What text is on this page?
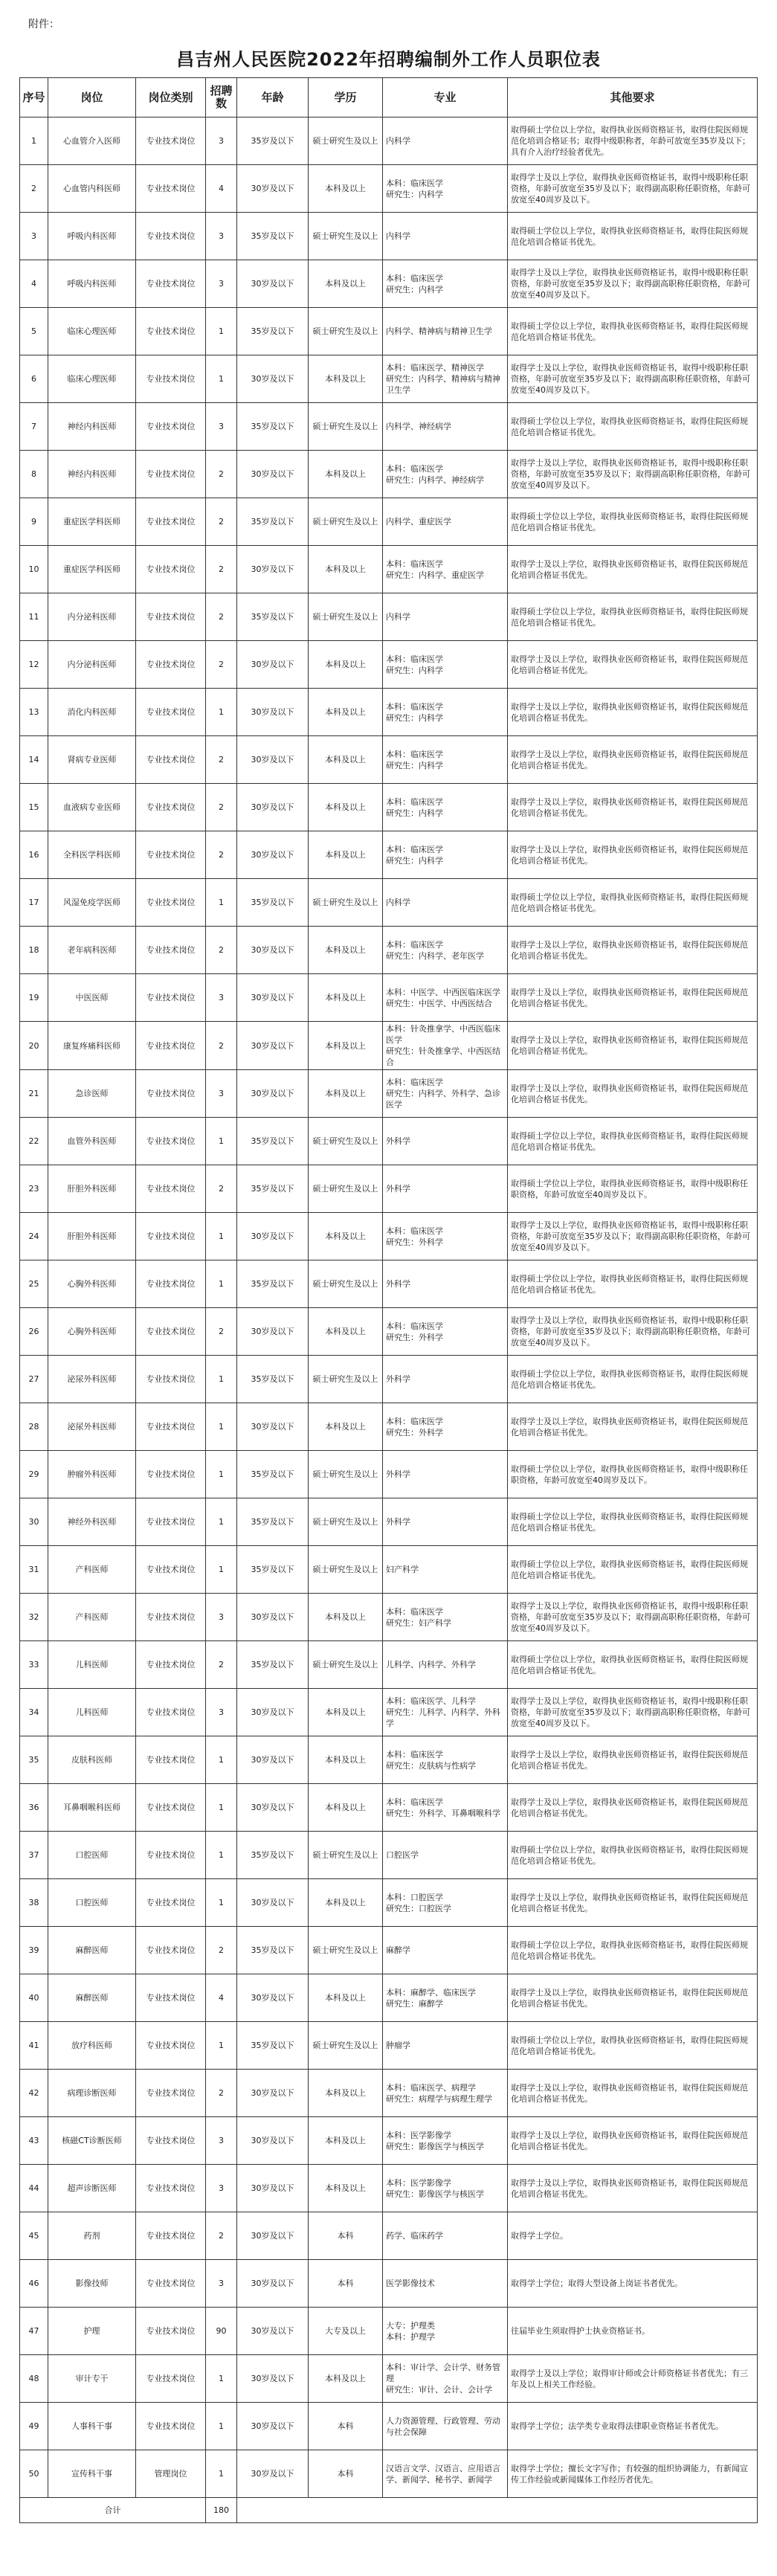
附件：
昌吉州人民医院2022年招聘编制外工作人员职位表
序号	岗位	岗位类别	招聘数	年龄	学历	专业	其他要求
1	心血管介入医师	专业技术岗位	3	35岁及以下	硕士研究生及以上	内科学	取得硕士学位以上学位，取得执业医师资格证书，取得住院医师规范化培训合格证书；取得中级职称者，年龄可放宽至35岁及以下；具有介入治疗经验者优先。
2	心血管内科医师	专业技术岗位	4	30岁及以下	本科及以上	本科：临床医学
研究生：内科学	取得学士及以上学位，取得执业医师资格证书，取得中级职称任职资格，年龄可放宽至35岁及以下；取得副高职称任职资格，年龄可放宽至40周岁及以下。
3	呼吸内科医师	专业技术岗位	3	35岁及以下	硕士研究生及以上	内科学	取得硕士学位以上学位，取得执业医师资格证书，取得住院医师规范化培训合格证书优先。
4	呼吸内科医师	专业技术岗位	3	30岁及以下	本科及以上	本科：临床医学
研究生：内科学	取得学士及以上学位，取得执业医师资格证书，取得中级职称任职资格，年龄可放宽至35岁及以下；取得副高职称任职资格，年龄可放宽至40周岁及以下。
5	临床心理医师	专业技术岗位	1	35岁及以下	硕士研究生及以上	内科学、精神病与精神卫生学	取得硕士学位以上学位，取得执业医师资格证书，取得住院医师规范化培训合格证书优先。
6	临床心理医师	专业技术岗位	1	30岁及以下	本科及以上	本科：临床医学、精神医学
研究生：内科学、精神病与精神卫生学	取得学士及以上学位，取得执业医师资格证书，取得中级职称任职资格，年龄可放宽至35岁及以下；取得副高职称任职资格，年龄可放宽至40周岁及以下。
7	神经内科医师	专业技术岗位	3	35岁及以下	硕士研究生及以上	内科学、神经病学	取得硕士学位以上学位，取得执业医师资格证书，取得住院医师规范化培训合格证书优先。
8	神经内科医师	专业技术岗位	2	30岁及以下	本科及以上	本科：临床医学
研究生：内科学、神经病学	取得学士及以上学位，取得执业医师资格证书，取得中级职称任职资格，年龄可放宽至35岁及以下；取得副高职称任职资格，年龄可放宽至40周岁及以下。
9	重症医学科医师	专业技术岗位	2	35岁及以下	硕士研究生及以上	内科学、重症医学	取得硕士学位以上学位，取得执业医师资格证书，取得住院医师规范化培训合格证书优先。
10	重症医学科医师	专业技术岗位	2	30岁及以下	本科及以上	本科：临床医学
研究生：内科学、重症医学	取得学士及以上学位，取得执业医师资格证书，取得住院医师规范化培训合格证书优先。
11	内分泌科医师	专业技术岗位	2	35岁及以下	硕士研究生及以上	内科学	取得硕士学位以上学位，取得执业医师资格证书，取得住院医师规范化培训合格证书优先。
12	内分泌科医师	专业技术岗位	2	30岁及以下	本科及以上	本科：临床医学
研究生：内科学	取得学士及以上学位，取得执业医师资格证书，取得住院医师规范化培训合格证书优先。
13	消化内科医师	专业技术岗位	1	30岁及以下	本科及以上	本科：临床医学
研究生：内科学	取得学士及以上学位，取得执业医师资格证书，取得住院医师规范化培训合格证书优先。
14	肾病专业医师	专业技术岗位	2	30岁及以下	本科及以上	本科：临床医学
研究生：内科学	取得学士及以上学位，取得执业医师资格证书，取得住院医师规范化培训合格证书优先。
15	血液病专业医师	专业技术岗位	2	30岁及以下	本科及以上	本科：临床医学
研究生：内科学	取得学士及以上学位，取得执业医师资格证书，取得住院医师规范化培训合格证书优先。
16	全科医学科医师	专业技术岗位	2	30岁及以下	本科及以上	本科：临床医学
研究生：内科学	取得学士及以上学位，取得执业医师资格证书，取得住院医师规范化培训合格证书优先。
17	风湿免疫学医师	专业技术岗位	1	35岁及以下	硕士研究生及以上	内科学	取得硕士学位以上学位，取得执业医师资格证书，取得住院医师规范化培训合格证书优先。
18	老年病科医师	专业技术岗位	2	30岁及以下	本科及以上	本科：临床医学
研究生：内科学、老年医学	取得学士及以上学位，取得执业医师资格证书，取得住院医师规范化培训合格证书优先。
19	中医医师	专业技术岗位	3	30岁及以下	本科及以上	本科：中医学、中西医临床医学
研究生：中医学、中西医结合	取得学士及以上学位，取得执业医师资格证书，取得住院医师规范化培训合格证书优先。
20	康复疼痛科医师	专业技术岗位	2	30岁及以下	本科及以上	本科：针灸推拿学、中西医临床医学
研究生：针灸推拿学、中西医结合	取得学士及以上学位，取得执业医师资格证书，取得住院医师规范化培训合格证书优先。
21	急诊医师	专业技术岗位	3	30岁及以下	本科及以上	本科：临床医学
研究生：内科学、外科学、急诊医学	取得学士及以上学位，取得执业医师资格证书，取得住院医师规范化培训合格证书优先。
22	血管外科医师	专业技术岗位	1	35岁及以下	硕士研究生及以上	外科学	取得硕士学位以上学位，取得执业医师资格证书，取得住院医师规范化培训合格证书优先。
23	肝胆外科医师	专业技术岗位	2	35岁及以下	硕士研究生及以上	外科学	取得硕士学位以上学位，取得执业医师资格证书，取得中级职称任职资格，年龄可放宽至40周岁及以下。
24	肝胆外科医师	专业技术岗位	1	30岁及以下	本科及以上	本科：临床医学
研究生：外科学	取得学士及以上学位，取得执业医师资格证书，取得中级职称任职资格，年龄可放宽至35岁及以下；取得副高职称任职资格，年龄可放宽至40周岁及以下。
25	心胸外科医师	专业技术岗位	1	35岁及以下	硕士研究生及以上	外科学	取得硕士学位以上学位，取得执业医师资格证书，取得住院医师规范化培训合格证书优先。
26	心胸外科医师	专业技术岗位	2	30岁及以下	本科及以上	本科：临床医学
研究生：外科学	取得学士及以上学位，取得执业医师资格证书，取得中级职称任职资格，年龄可放宽至35岁及以下；取得副高职称任职资格，年龄可放宽至40周岁及以下。
27	泌尿外科医师	专业技术岗位	1	35岁及以下	硕士研究生及以上	外科学	取得硕士学位以上学位，取得执业医师资格证书，取得住院医师规范化培训合格证书优先。
28	泌尿外科医师	专业技术岗位	1	30岁及以下	本科及以上	本科：临床医学
研究生：外科学	取得学士及以上学位，取得执业医师资格证书，取得住院医师规范化培训合格证书优先。
29	肿瘤外科医师	专业技术岗位	1	35岁及以下	硕士研究生及以上	外科学	取得硕士学位以上学位，取得执业医师资格证书，取得中级职称任职资格，年龄可放宽至40周岁及以下。
30	神经外科医师	专业技术岗位	1	35岁及以下	硕士研究生及以上	外科学	取得硕士学位以上学位，取得执业医师资格证书，取得住院医师规范化培训合格证书优先。
31	产科医师	专业技术岗位	1	35岁及以下	硕士研究生及以上	妇产科学	取得硕士学位以上学位，取得执业医师资格证书，取得住院医师规范化培训合格证书优先。
32	产科医师	专业技术岗位	3	30岁及以下	本科及以上	本科：临床医学
研究生：妇产科学	取得学士及以上学位，取得执业医师资格证书，取得中级职称任职资格，年龄可放宽至35岁及以下；取得副高职称任职资格，年龄可放宽至40周岁及以下。
33	儿科医师	专业技术岗位	2	35岁及以下	硕士研究生及以上	儿科学、内科学、外科学	取得硕士学位以上学位，取得执业医师资格证书，取得住院医师规范化培训合格证书优先。
34	儿科医师	专业技术岗位	3	30岁及以下	本科及以上	本科：临床医学、儿科学
研究生：儿科学、内科学、外科学	取得学士及以上学位，取得执业医师资格证书，取得中级职称任职资格，年龄可放宽至35岁及以下；取得副高职称任职资格，年龄可放宽至40周岁及以下。
35	皮肤科医师	专业技术岗位	1	30岁及以下	本科及以上	本科：临床医学
研究生：皮肤病与性病学	取得学士及以上学位，取得执业医师资格证书，取得住院医师规范化培训合格证书优先。
36	耳鼻咽喉科医师	专业技术岗位	1	30岁及以下	本科及以上	本科：临床医学
研究生：外科学、耳鼻咽喉科学	取得学士及以上学位，取得执业医师资格证书，取得住院医师规范化培训合格证书优先。
37	口腔医师	专业技术岗位	1	35岁及以下	硕士研究生及以上	口腔医学	取得硕士学位以上学位，取得执业医师资格证书，取得住院医师规范化培训合格证书优先。
38	口腔医师	专业技术岗位	1	30岁及以下	本科及以上	本科：口腔医学
研究生：口腔医学	取得学士及以上学位，取得执业医师资格证书，取得住院医师规范化培训合格证书优先。
39	麻醉医师	专业技术岗位	2	35岁及以下	硕士研究生及以上	麻醉学	取得硕士学位以上学位，取得执业医师资格证书，取得住院医师规范化培训合格证书优先。
40	麻醉医师	专业技术岗位	4	30岁及以下	本科及以上	本科：麻醉学、临床医学
研究生：麻醉学	取得学士及以上学位，取得执业医师资格证书，取得住院医师规范化培训合格证书优先。
41	放疗科医师	专业技术岗位	1	35岁及以下	硕士研究生及以上	肿瘤学	取得硕士学位以上学位，取得执业医师资格证书，取得住院医师规范化培训合格证书优先。
42	病理诊断医师	专业技术岗位	2	30岁及以下	本科及以上	本科：临床医学、病理学
研究生：病理学与病理生理学	取得学士及以上学位，取得执业医师资格证书，取得住院医师规范化培训合格证书优先。
43	核磁CT诊断医师	专业技术岗位	3	30岁及以下	本科及以上	本科：医学影像学
研究生：影像医学与核医学	取得学士及以上学位，取得执业医师资格证书，取得住院医师规范化培训合格证书优先。
44	超声诊断医师	专业技术岗位	3	30岁及以下	本科及以上	本科：医学影像学
研究生：影像医学与核医学	取得学士及以上学位，取得执业医师资格证书，取得住院医师规范化培训合格证书优先。
45	药剂	专业技术岗位	2	30岁及以下	本科	药学、临床药学	取得学士学位。
46	影像技师	专业技术岗位	3	30岁及以下	本科	医学影像技术	取得学士学位；取得大型设备上岗证书者优先。
47	护理	专业技术岗位	90	30岁及以下	大专及以上	大专：护理类
本科：护理学	往届毕业生须取得护士执业资格证书。
48	审计专干	专业技术岗位	1	30岁及以下	本科及以上	本科：审计学、会计学、财务管理
研究生：审计、会计、会计学	取得学士及以上学位；取得审计师或会计师资格证书者优先；有三年及以上相关工作经验。
49	人事科干事	专业技术岗位	1	30岁及以下	本科	人力资源管理、行政管理、劳动与社会保障	取得学士学位；法学类专业取得法律职业资格证书者优先。
50	宣传科干事	管理岗位	1	30岁及以下	本科	汉语言文学、汉语言、应用语言学、新闻学、秘书学、新闻学	取得学士学位；擅长文字写作；有较强的组织协调能力，有新闻宣传工作经验或新闻媒体工作经历者优先。
合计			180				
